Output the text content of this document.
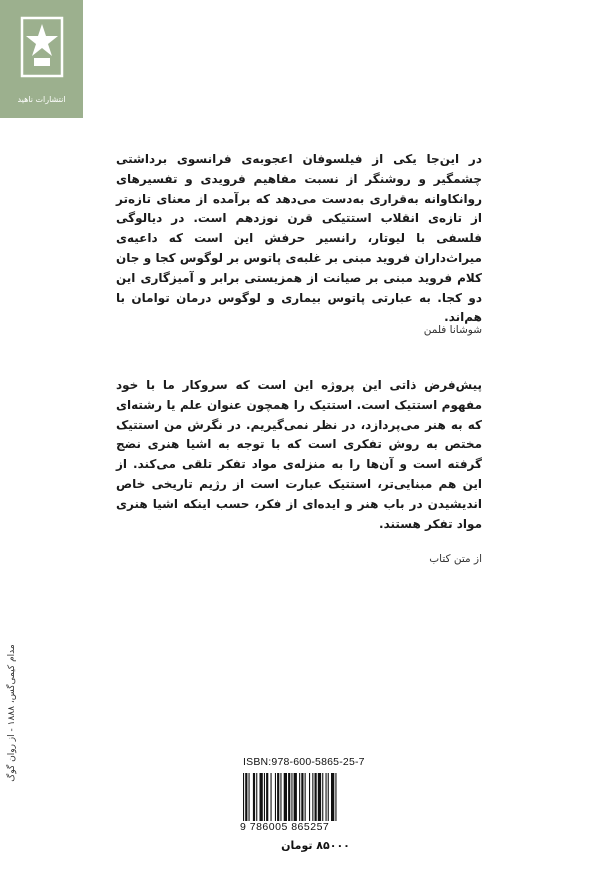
انتشارات ناهید
در این‌جا یکی از فیلسوفان اعجوبه‌ی فرانسوی برداشتی چشمگیر و روشنگر از نسبت مفاهیم فرویدی و تفسیرهای روانکاوانه به‌قراری به‌دست می‌دهد که برآمده از معنای تازه‌تر از تازه‌ی انقلاب استتیکی قرن نوزدهم است. در دیالوگی فلسفی با لیوتار، رانسیر حرفش این است که داعیه‌ی میراث‌داران فروید مبنی بر غلبه‌ی پاتوس بر لوگوس کجا و جان کلام فروید مبنی بر صیانت از همزیستی برابر و آمیزگاری این دو کجا. به عبارتی پاتوس بیماری و لوگوس درمان توامان با هم‌اند.
شوشانا فلمن
پیش‌فرض ذاتی این پروژه این است که سروکار ما با خود مفهوم استتیک است. استتیک را همچون عنوان علم یا رشته‌ای که به هنر می‌پردازد، در نظر نمی‌گیریم. در نگرش من استتیک مختص به روش تفکری است که با توجه به اشیا هنری نضج گرفته است و آن‌ها را به منزله‌ی مواد تفکر تلقی می‌کند. از این هم مبنایی‌تر، استتیک عبارت است از رژیم تاریخی خاص اندیشیدن در باب هنر و ایده‌ای از فکر، حسب اینکه اشیا هنری مواد تفکر هستند.
از متن کتاب
مدام کیمی‌گس، ۱۸۸۸ - از روان گوگ
ISBN:978-600-5865-25-7
9 786005 865257
۸۵۰۰۰ تومان
